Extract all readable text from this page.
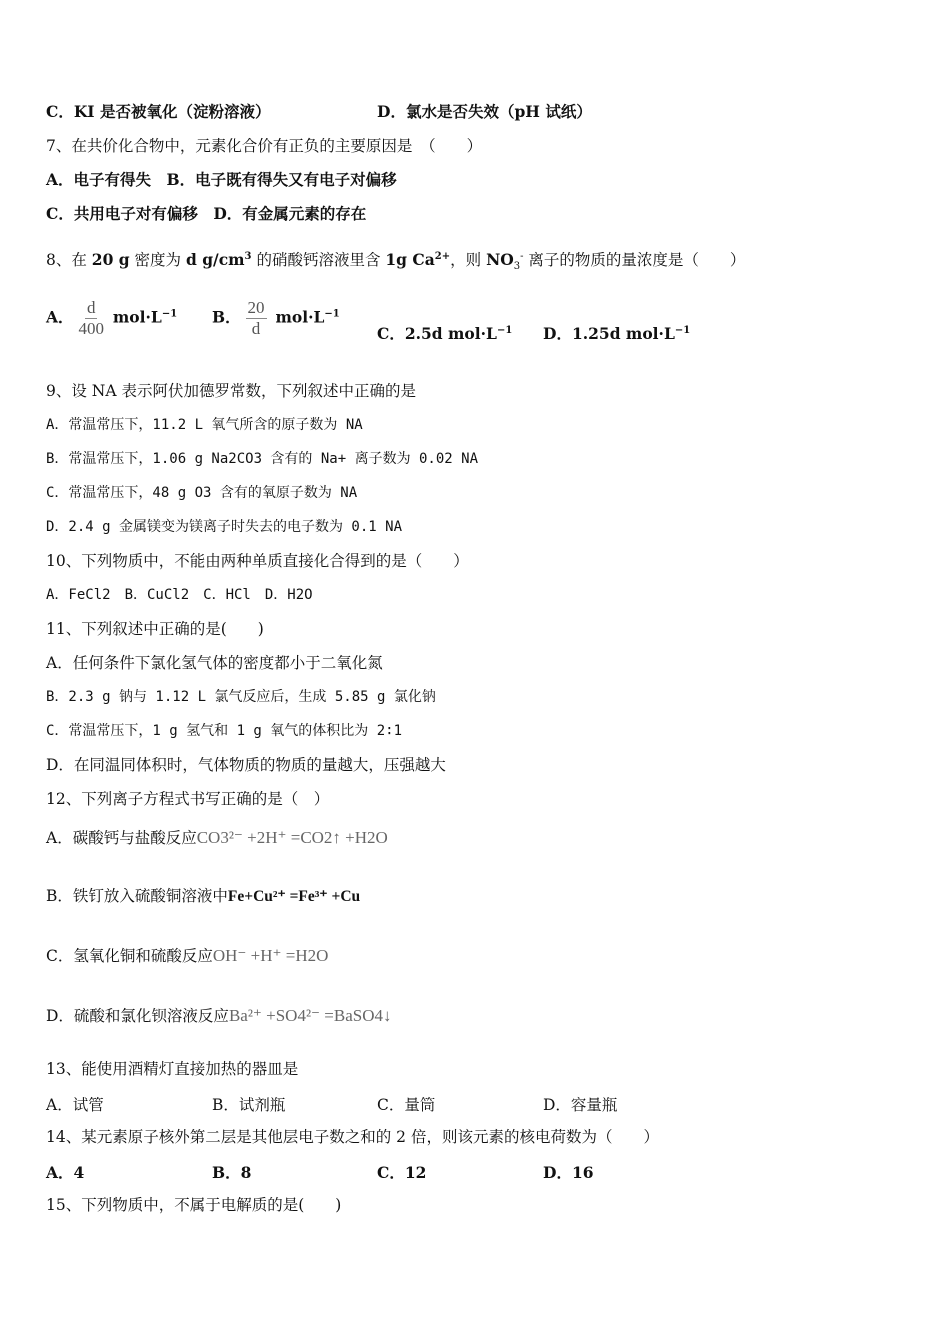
C．KI 是否被氧化（淀粉溶液）	D．氯水是否失效（pH 试纸）
7、在共价化合物中，元素化合价有正负的主要原因是　（　　）
A．电子有得失　B．电子既有得失又有电子对偏移
C．共用电子对有偏移　D．有金属元素的存在
8、在 20 g 密度为 d $g/cm^3$ 的硝酸钙溶液里含 1g $Ca^{2+}$，则 $NO_3^-$ 离子的物质的量浓度是（　　）
A． $\frac{d}{400} mol\cdot L^{-1}$ B． $\frac{20}{d} mol\cdot L^{-1}$
C．2.5d $mol\cdot L^{-1}$ D．1.25d $mol\cdot L^{-1}$
9、设 NA 表示阿伏加德罗常数，下列叙述中正确的是
A．常温常压下，11.2 L 氧气所含的原子数为 NA
B．常温常压下，1.06 g Na2CO3 含有的 Na+ 离子数为 0.02 NA
C．常温常压下，48 g O3 含有的氧原子数为 NA
D．2.4 g 金属镁变为镁离子时失去的电子数为 0.1 NA
10、下列物质中，不能由两种单质直接化合得到的是（　　）
A．FeCl2　B．CuCl2　C．HCl　D．H2O
11、下列叙述中正确的是(　　)
A．任何条件下氯化氢气体的密度都小于二氧化氮
B．2.3 g 钠与 1.12 L 氯气反应后，生成 5.85 g 氯化钠
C．常温常压下，1 g 氢气和 1 g 氧气的体积比为 2∶1
D．在同温同体积时，气体物质的物质的量越大，压强越大
12、下列离子方程式书写正确的是（　）
A．碳酸钙与盐酸反应CO3²⁻ +2H⁺ =CO2↑ +H2O
B．铁钉放入硫酸铜溶液中Fe+Cu²⁺ =Fe³⁺ +Cu
C．氢氧化铜和硫酸反应OH⁻ +H⁺ =H2O
D．硫酸和氯化钡溶液反应Ba²⁺ +SO4²⁻ =BaSO4↓
13、能使用酒精灯直接加热的器皿是
A．试管	B．试剂瓶	C．量筒	D．容量瓶
14、某元素原子核外第二层是其他层电子数之和的 2 倍，则该元素的核电荷数为（　　）
A．4	B．8	C．12	D．16
15、下列物质中，不属于电解质的是(　　)
